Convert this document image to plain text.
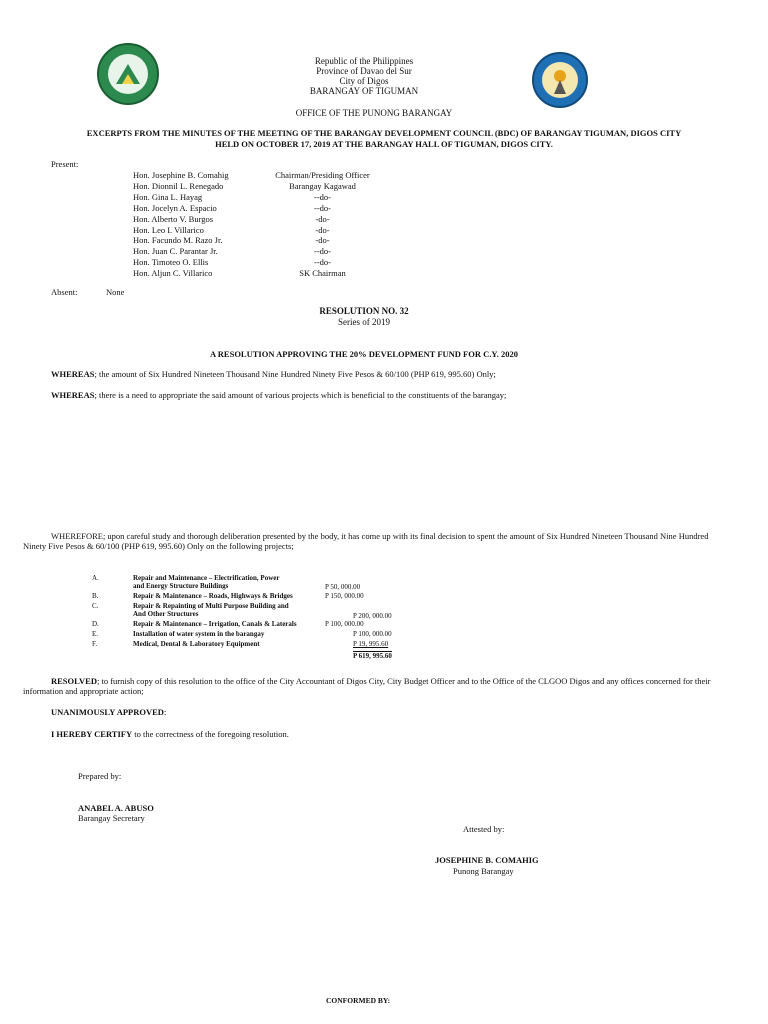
Republic of the Philippines
Province of Davao del Sur
City of Digos
BARANGAY OF TIGUMAN
OFFICE OF THE PUNONG BARANGAY
EXCERPTS FROM THE MINUTES OF THE MEETING OF THE BARANGAY DEVELOPMENT COUNCIL (BDC) OF BARANGAY TIGUMAN, DIGOS CITY
HELD ON OCTOBER 17, 2019 AT THE BARANGAY HALL OF TIGUMAN, DIGOS CITY.
Present:
Hon. Josephine B. Comahig	Chairman/Presiding Officer
Hon. Dionnil L. Renegado	Barangay Kagawad
Hon. Gina L. Hayag	--do-
Hon. Jocelyn A. Espacio	--do-
Hon. Alberto V. Burgos	-do-
Hon. Leo I. Villarico	-do-
Hon. Facundo M. Razo Jr.	-do-
Hon. Juan C. Parantar Jr.	--do-
Hon. Timoteo O. Ellis	--do-
Hon. Aljun C. Villarico	SK Chairman
Absent:	None
RESOLUTION NO. 32
Series of 2019
A RESOLUTION APPROVING THE 20% DEVELOPMENT FUND FOR C.Y. 2020
WHEREAS; the amount of Six Hundred Nineteen Thousand Nine Hundred Ninety Five Pesos & 60/100 (PHP 619, 995.60) Only;
WHEREAS; there is a need to appropriate the said amount of various projects which is beneficial to the constituents of the barangay;
WHEREFORE; upon careful study and thorough deliberation presented by the body, it has come up with its final decision to spent the amount of Six Hundred Nineteen Thousand Nine Hundred Ninety Five Pesos & 60/100 (PHP 619, 995.60) Only on the following projects;
A.	Repair and Maintenance – Electrification, Power
and Energy Structure Buildings	P 50, 000.00
B.	Repair & Maintenance – Roads, Highways & Bridges	P 150, 000.00
C.	Repair & Repainting of Multi Purpose Building and
And Other Structures	P 200, 000.00
D.	Repair & Maintenance – Irrigation, Canals & Laterals	P 100, 000.00
E.	Installation of water system in the barangay	P 100, 000.00
F.	Medical, Dental & Laboratory Equipment	P 19, 995.60
P 619, 995.60
RESOLVED; to furnish copy of this resolution to the office of the City Accountant of Digos City, City Budget Officer and to the Office of the CLGOO Digos and any offices concerned for their information and appropriate action;
UNANIMOUSLY APPROVED:
I HEREBY CERTIFY to the correctness of the foregoing resolution.
Prepared by:
ANABEL A. ABUSO
Barangay Secretary
Attested by:
JOSEPHINE B. COMAHIG
Punong Barangay
CONFORMED BY:
